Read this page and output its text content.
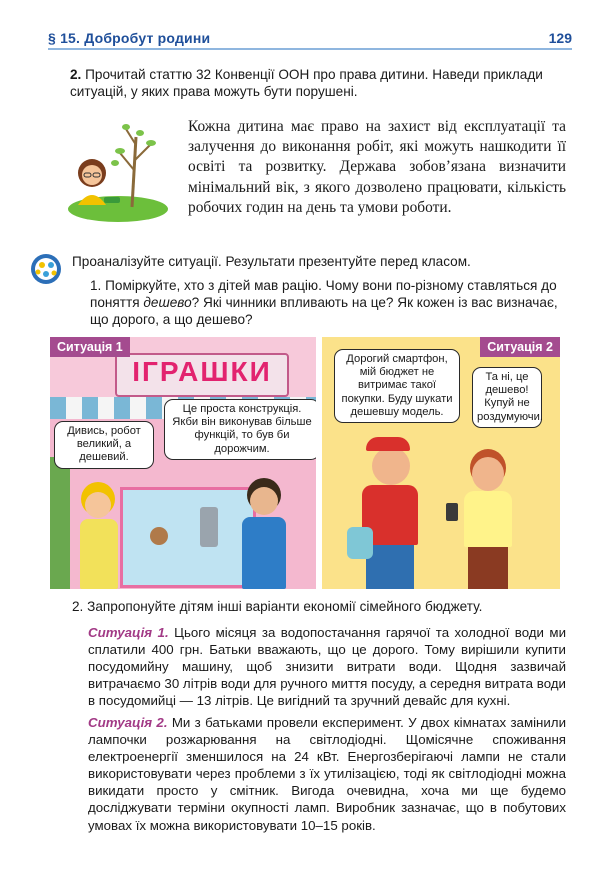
§ 15. Добробут родини	129
2. Прочитай статтю 32 Конвенції ООН про права дитини. Наведи приклади ситуацій, у яких права можуть бути порушені.
Кожна дитина має право на захист від експлуатації та залучення до виконання робіт, які можуть нашкодити її освіті та розвитку. Держава зобов’язана визначити мінімальний вік, з якого дозволено працювати, кількість робочих годин на день та умови роботи.
Проаналізуйте ситуації. Результати презентуйте перед класом.
1. Поміркуйте, хто з дітей мав рацію. Чому вони по-різному ставляться до поняття дешево? Які чинники впливають на це? Як кожен із вас визначає, що дорого, а що дешево?
ІГРАШКИ
Ситуація 1
Дивись, робот великий, а дешевий.
Це проста конструкція. Якби він виконував більше функцій, то був би дорожчим.
Ситуація 2
Дорогий смартфон, мій бюджет не витримає такої покупки. Буду шукати дешевшу модель.
Та ні, це дешево! Купуй не роздумуючи.
2. Запропонуйте дітям інші варіанти економії сімейного бюджету.
Ситуація 1. Цього місяця за водопостачання гарячої та холодної води ми сплатили 400 грн. Батьки вважають, що це дорого. Тому вирішили купити посудомийну машину, щоб знизити витрати води. Щодня зазвичай витрачаємо 30 літрів води для ручного миття посуду, а середня витрата води в посудомийці — 13 літрів. Це вигідний та зручний девайс для кухні.
Ситуація 2. Ми з батьками провели експеримент. У двох кімнатах замінили лампочки розжарювання на світлодіодні. Щомісячне споживання електроенергії зменшилося на 24 кВт. Енергозберігаючі лампи не стали використовувати через проблеми з їх утилізацією, тоді як світлодіодні можна викидати просто у смітник. Вигода очевидна, хоча ми ще будемо досліджувати терміни окупності ламп. Виробник зазначає, що в побутових умовах їх можна використовувати 10–15 років.
